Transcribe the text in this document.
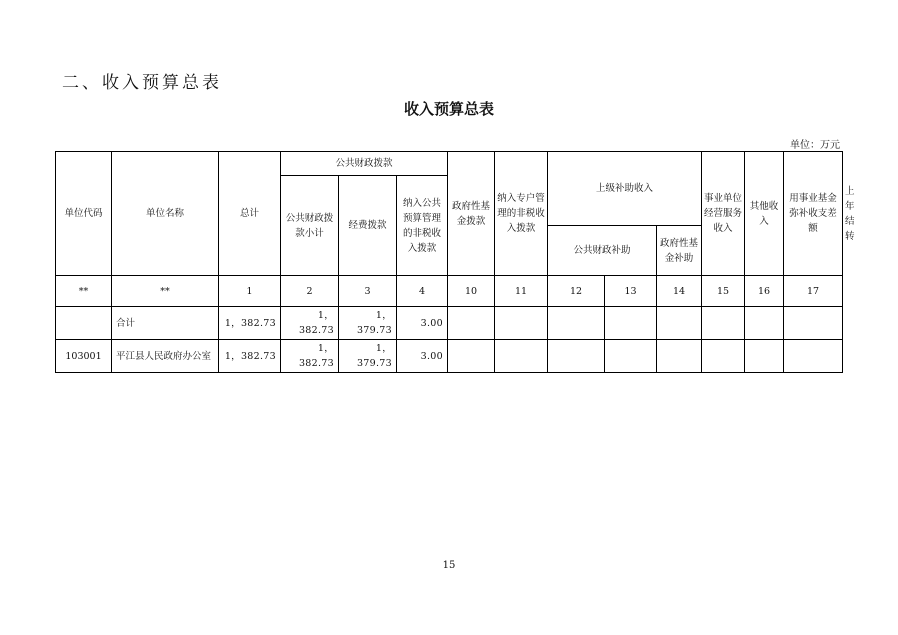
二、收入预算总表
收入预算总表
单位：万元
单位代码	单位名称	总计	公共财政拨款			政府性基金拨款	纳入专户管理的非税收入拨款	上级补助收入			事业单位经营服务收入	其他收入	用事业基金弥补收支差额	上年结转
			公共财政拨款小计	经费拨款	纳入公共预算管理的非税收入拨款									
								公共财政补助		政府性基金补助				
**	**	1	2	3	4	10	11	12	13	14	15	16	17	
	合计	1，382.73	1，382.73	1，379.73	3.00									
103001	平江县人民政府办公室	1，382.73	1，382.73	1，379.73	3.00									
15
